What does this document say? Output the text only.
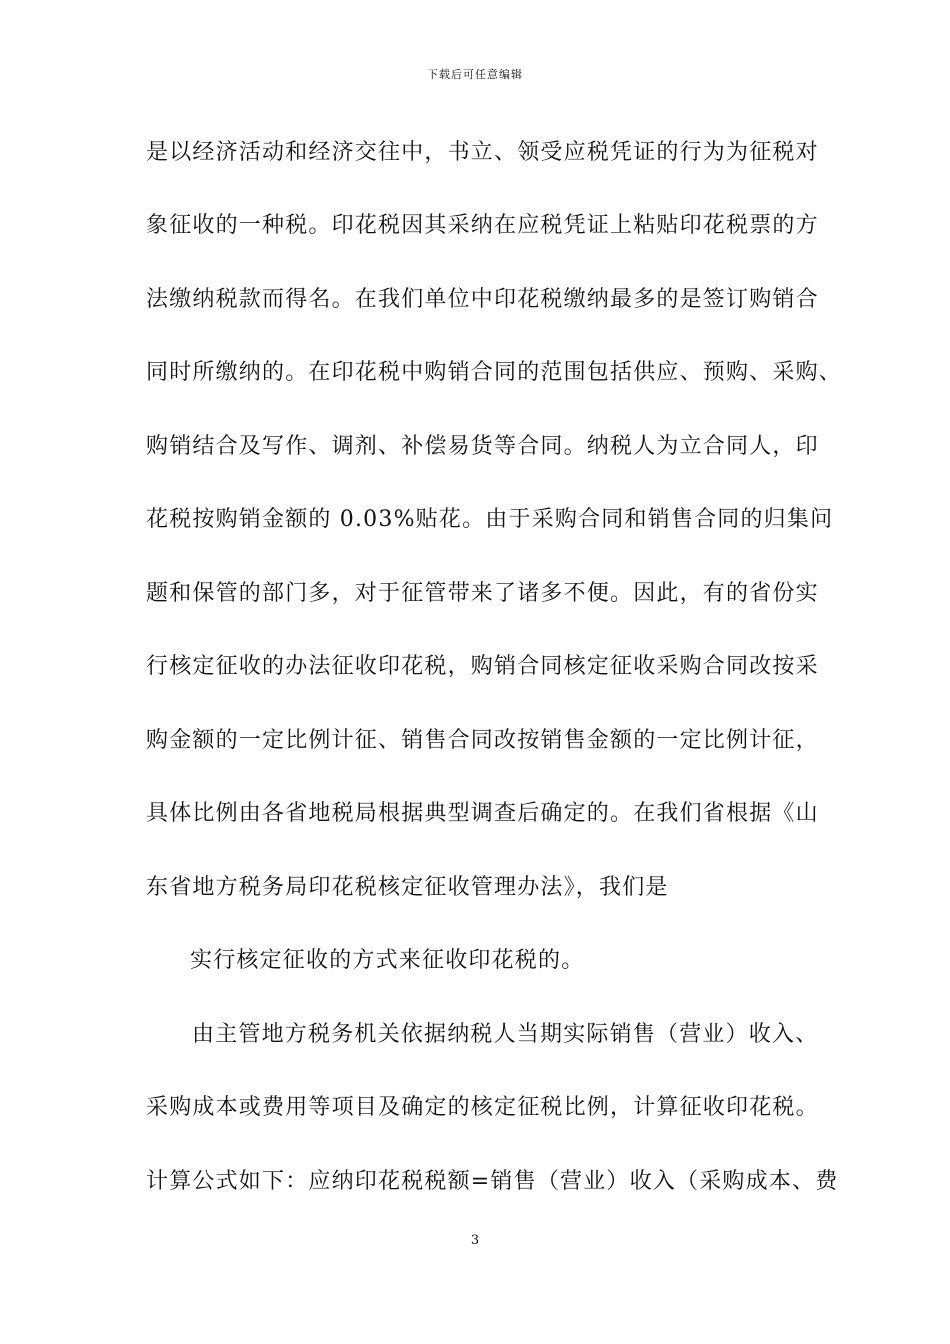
下载后可任意编辑
是以经济活动和经济交往中，书立、领受应税凭证的行为为征税对
象征收的一种税。印花税因其采纳在应税凭证上粘贴印花税票的方
法缴纳税款而得名。在我们单位中印花税缴纳最多的是签订购销合
同时所缴纳的。在印花税中购销合同的范围包括供应、预购、采购、
购销结合及写作、调剂、补偿易货等合同。纳税人为立合同人，印
花税按购销金额的 0.03%贴花。由于采购合同和销售合同的归集问
题和保管的部门多，对于征管带来了诸多不便。因此，有的省份实
行核定征收的办法征收印花税，购销合同核定征收采购合同改按采
购金额的一定比例计征、销售合同改按销售金额的一定比例计征，
具体比例由各省地税局根据典型调查后确定的。在我们省根据《山
东省地方税务局印花税核定征收管理办法》，我们是
实行核定征收的方式来征收印花税的。
由主管地方税务机关依据纳税人当期实际销售（营业）收入、
采购成本或费用等项目及确定的核定征税比例，计算征收印花税。
计算公式如下：应纳印花税税额=销售（营业）收入（采购成本、费
3
